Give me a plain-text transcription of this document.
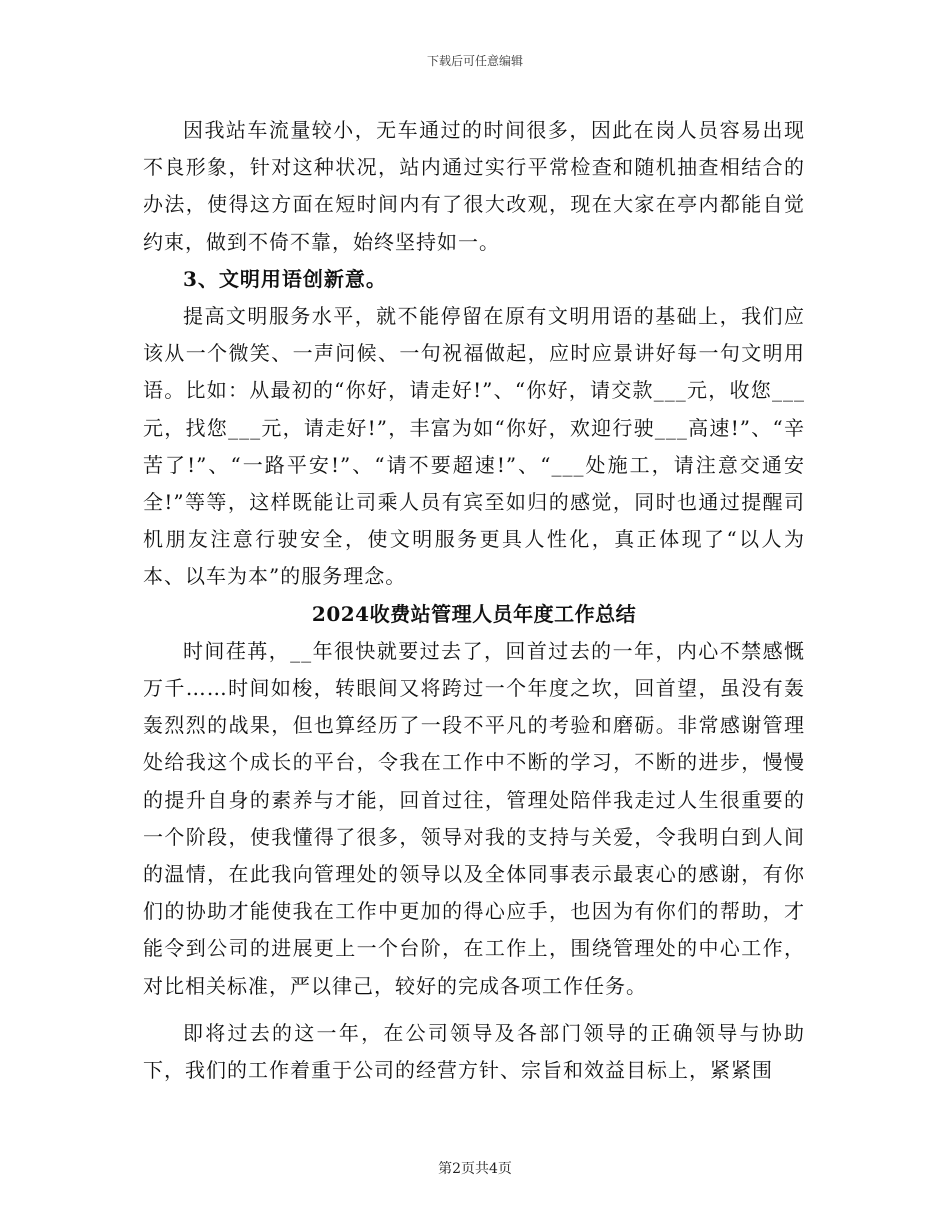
下载后可任意编辑

因我站车流量较小，无车通过的时间很多，因此在岗人员容易出现不良形象，针对这种状况，站内通过实行平常检查和随机抽查相结合的办法，使得这方面在短时间内有了很大改观，现在大家在亭内都能自觉约束，做到不倚不靠，始终坚持如一。

3、文明用语创新意。

提高文明服务水平，就不能停留在原有文明用语的基础上，我们应该从一个微笑、一声问候、一句祝福做起，应时应景讲好每一句文明用语。比如：从最初的“你好，请走好!”、“你好，请交款___元，收您___元，找您___元，请走好!”，丰富为如“你好，欢迎行驶___高速!”、“辛苦了!”、“一路平安!”、“请不要超速!”、“___处施工，请注意交通安全!”等等，这样既能让司乘人员有宾至如归的感觉，同时也通过提醒司机朋友注意行驶安全，使文明服务更具人性化，真正体现了“以人为本、以车为本”的服务理念。

2024收费站管理人员年度工作总结

时间荏苒，__年很快就要过去了，回首过去的一年，内心不禁感慨万千……时间如梭，转眼间又将跨过一个年度之坎，回首望，虽没有轰轰烈烈的战果，但也算经历了一段不平凡的考验和磨砺。非常感谢管理处给我这个成长的平台，令我在工作中不断的学习，不断的进步，慢慢的提升自身的素养与才能，回首过往，管理处陪伴我走过人生很重要的一个阶段，使我懂得了很多，领导对我的支持与关爱，令我明白到人间的温情，在此我向管理处的领导以及全体同事表示最衷心的感谢，有你们的协助才能使我在工作中更加的得心应手，也因为有你们的帮助，才能令到公司的进展更上一个台阶，在工作上，围绕管理处的中心工作，对比相关标准，严以律己，较好的完成各项工作任务。

即将过去的这一年，在公司领导及各部门领导的正确领导与协助下，我们的工作着重于公司的经营方针、宗旨和效益目标上，紧紧围

第2页共4页
